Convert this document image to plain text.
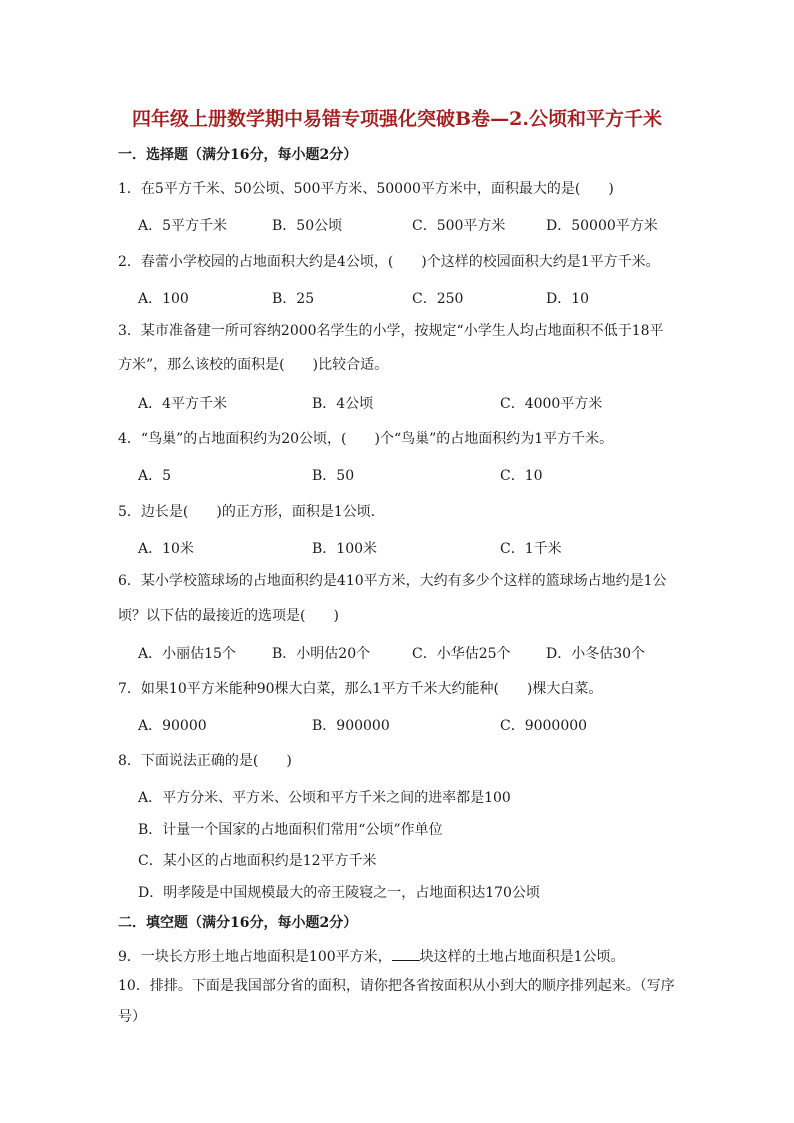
四年级上册数学期中易错专项强化突破B卷—2.公顷和平方千米
一．选择题（满分16分，每小题2分）
1．在5平方千米、50公顷、500平方米、50000平方米中，面积最大的是(　　)
A．5平方千米	B．50公顷	C．500平方米	D．50000平方米
2．春蕾小学校园的占地面积大约是4公顷，(　　)个这样的校园面积大约是1平方千米。
A．100	B．25	C．250	D．10
3．某市准备建一所可容纳2000名学生的小学，按规定“小学生人均占地面积不低于18平
方米”，那么该校的面积是(　　)比较合适。
A．4平方千米	B．4公顷	C．4000平方米
4．“鸟巢”的占地面积约为20公顷，(　　)个“鸟巢”的占地面积约为1平方千米。
A．5	B．50	C．10
5．边长是(　　)的正方形，面积是1公顷．
A．10米	B．100米	C．1千米
6．某小学校篮球场的占地面积约是410平方米，大约有多少个这样的篮球场占地约是1公
顷？以下估的最接近的选项是(　　)
A．小丽估15个	B．小明估20个	C．小华估25个	D．小冬估30个
7．如果10平方米能种90棵大白菜，那么1平方千米大约能种(　　)棵大白菜。
A．90000	B．900000	C．9000000
8．下面说法正确的是(　　)
A．平方分米、平方米、公顷和平方千米之间的进率都是100
B．计量一个国家的占地面积们常用“公顷”作单位
C．某小区的占地面积约是12平方千米
D．明孝陵是中国规模最大的帝王陵寝之一，占地面积达170公顷
二．填空题（满分16分，每小题2分）
9．一块长方形土地占地面积是100平方米， 块这样的土地占地面积是1公顷。
10．排排。下面是我国部分省的面积，请你把各省按面积从小到大的顺序排列起来。（写序
号）
